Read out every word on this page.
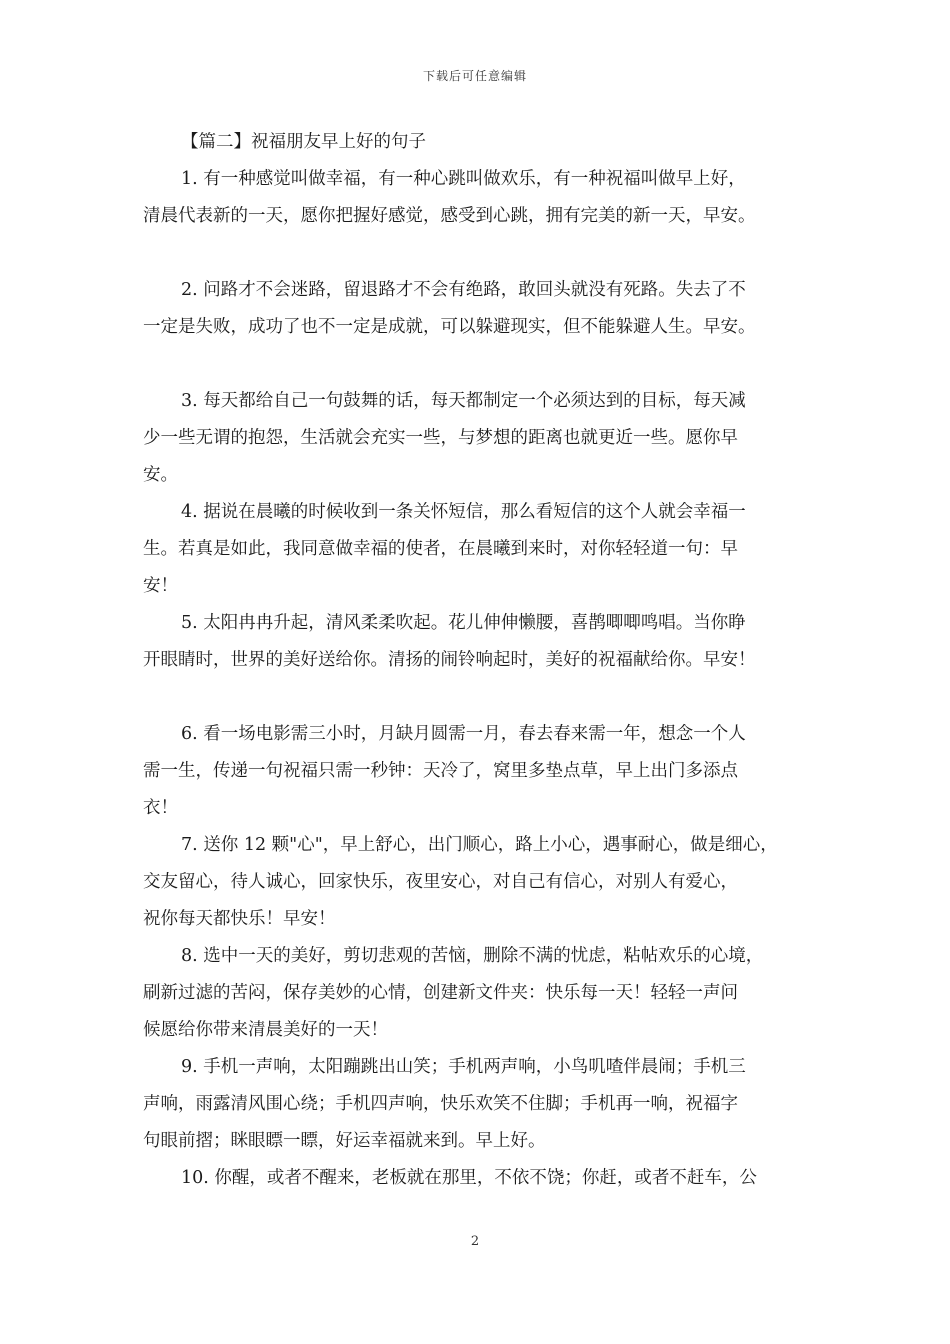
下载后可任意编辑
【篇二】祝福朋友早上好的句子
1. 有一种感觉叫做幸福，有一种心跳叫做欢乐，有一种祝福叫做早上好，
清晨代表新的一天，愿你把握好感觉，感受到心跳，拥有完美的新一天，早安。
2. 问路才不会迷路，留退路才不会有绝路，敢回头就没有死路。失去了不
一定是失败，成功了也不一定是成就，可以躲避现实，但不能躲避人生。早安。
3. 每天都给自己一句鼓舞的话，每天都制定一个必须达到的目标，每天减
少一些无谓的抱怨，生活就会充实一些，与梦想的距离也就更近一些。愿你早
安。
4. 据说在晨曦的时候收到一条关怀短信，那么看短信的这个人就会幸福一
生。若真是如此，我同意做幸福的使者，在晨曦到来时，对你轻轻道一句：早
安！
5. 太阳冉冉升起，清风柔柔吹起。花儿伸伸懒腰，喜鹊唧唧鸣唱。当你睁
开眼睛时，世界的美好送给你。清扬的闹铃响起时，美好的祝福献给你。早安！
6. 看一场电影需三小时，月缺月圆需一月，春去春来需一年，想念一个人
需一生，传递一句祝福只需一秒钟：天冷了，窝里多垫点草，早上出门多添点
衣！
7. 送你 12 颗"心"，早上舒心，出门顺心，路上小心，遇事耐心，做是细心，
交友留心，待人诚心，回家快乐，夜里安心，对自己有信心，对别人有爱心，
祝你每天都快乐！早安！
8. 选中一天的美好，剪切悲观的苦恼，删除不满的忧虑，粘帖欢乐的心境，
刷新过滤的苦闷，保存美妙的心情，创建新文件夹：快乐每一天！轻轻一声问
候愿给你带来清晨美好的一天！
9. 手机一声响，太阳蹦跳出山笑；手机两声响，小鸟叽喳伴晨闹；手机三
声响，雨露清风围心绕；手机四声响，快乐欢笑不住脚；手机再一响，祝福字
句眼前摺；眯眼瞟一瞟，好运幸福就来到。早上好。
10. 你醒，或者不醒来，老板就在那里，不依不饶；你赶，或者不赶车，公
2
